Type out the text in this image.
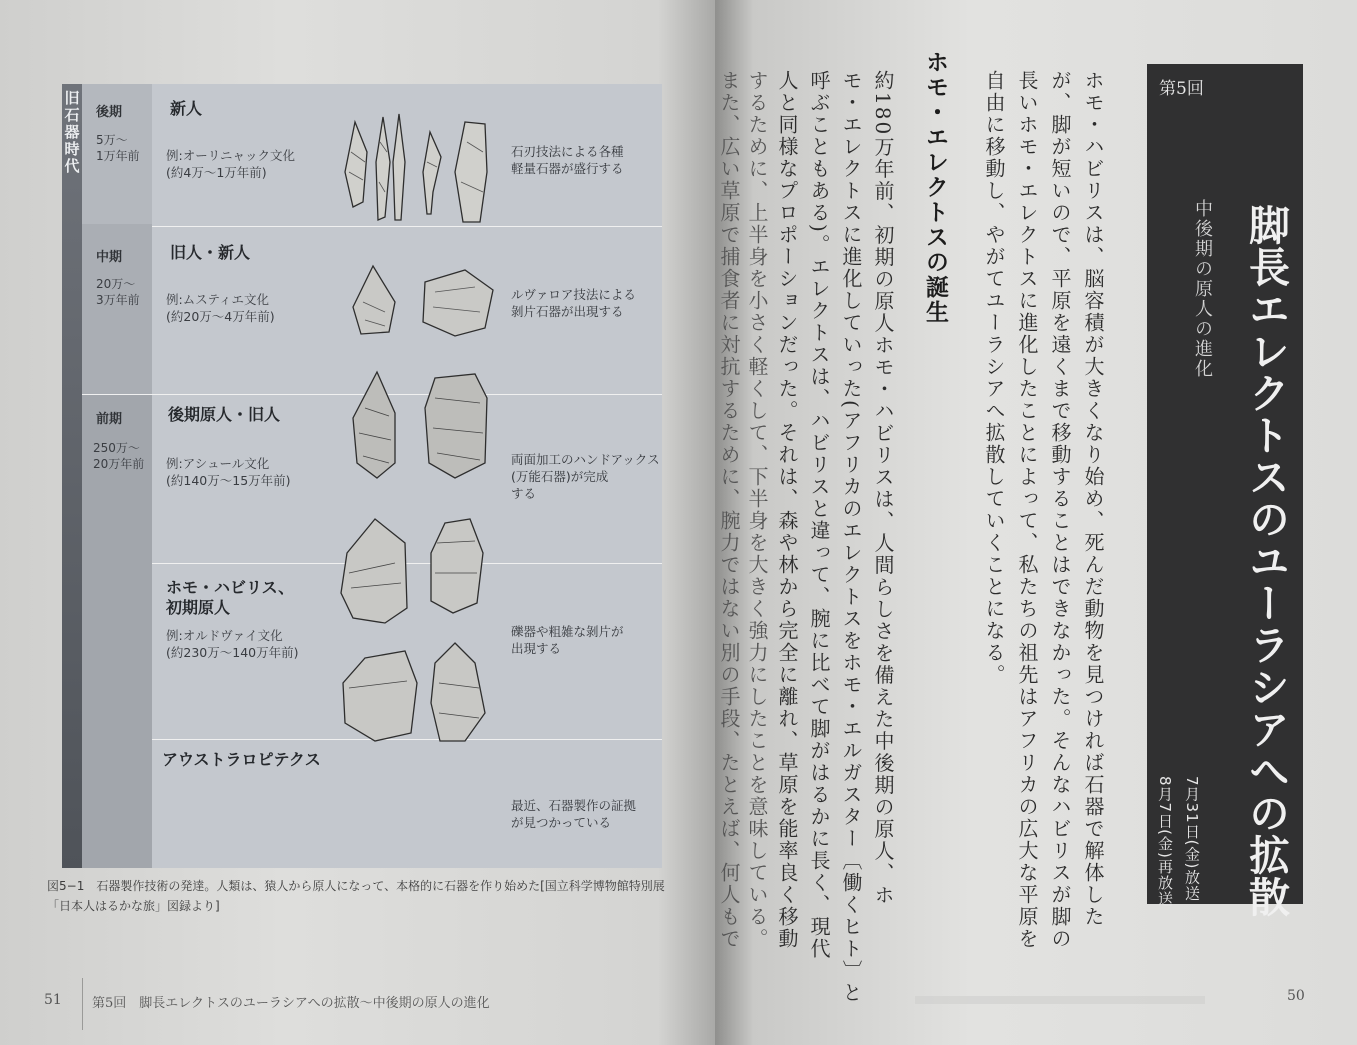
旧石器時代 後期
5万〜
1万年前
中期
20万〜
3万年前
前期
250万〜
20万年前
新人
例:オーリニャック文化
(約4万〜1万年前)
石刃技法による各種
軽量石器が盛行する
旧人・新人
例:ムスティエ文化
(約20万〜4万年前)
ルヴァロア技法による
剝片石器が出現する
後期原人・旧人
例:アシュール文化
(約140万〜15万年前)
両面加工のハンドアックス
(万能石器)が完成
する
ホモ・ハビリス、
初期原人
例:オルドヴァイ文化
(約230万〜140万年前)
礫器や粗雑な剝片が
出現する
アウストラロピテクス
最近、石器製作の証拠
が見つかっている
図5−1　石器製作技術の発達。人類は、猿人から原人になって、本格的に石器を作り始めた[国立科学博物館特別展「日本人はるかな旅」図録より]
51 第5回　脚長エレクトスのユーラシアへの拡散〜中後期の原人の進化
第5回
脚長エレクトスのユーラシアへの拡散
中後期の原人の進化
7月31日(金)放送
8月7日(金)再放送
ホモ・ハビリスは、脳容積が大きくなり始め、死んだ動物を見つければ石器で解体した
が、脚が短いので、平原を遠くまで移動することはできなかった。そんなハビリスが脚の
長いホモ・エレクトスに進化したことによって、私たちの祖先はアフリカの広大な平原を
自由に移動し、やがてユーラシアへ拡散していくことになる。
ホモ・エレクトスの誕生
約180万年前、初期の原人ホモ・ハビリスは、人間らしさを備えた中後期の原人、ホ
モ・エレクトスに進化していった(アフリカのエレクトスをホモ・エルガスター〔働くヒト〕と
呼ぶこともある)。エレクトスは、ハビリスと違って、腕に比べて脚がはるかに長く、現代
人と同様なプロポーションだった。それは、森や林から完全に離れ、草原を能率良く移動
するために、上半身を小さく軽くして、下半身を大きく強力にしたことを意味している。
また、広い草原で捕食者に対抗するために、腕力ではない別の手段、たとえば、何人もで
50
